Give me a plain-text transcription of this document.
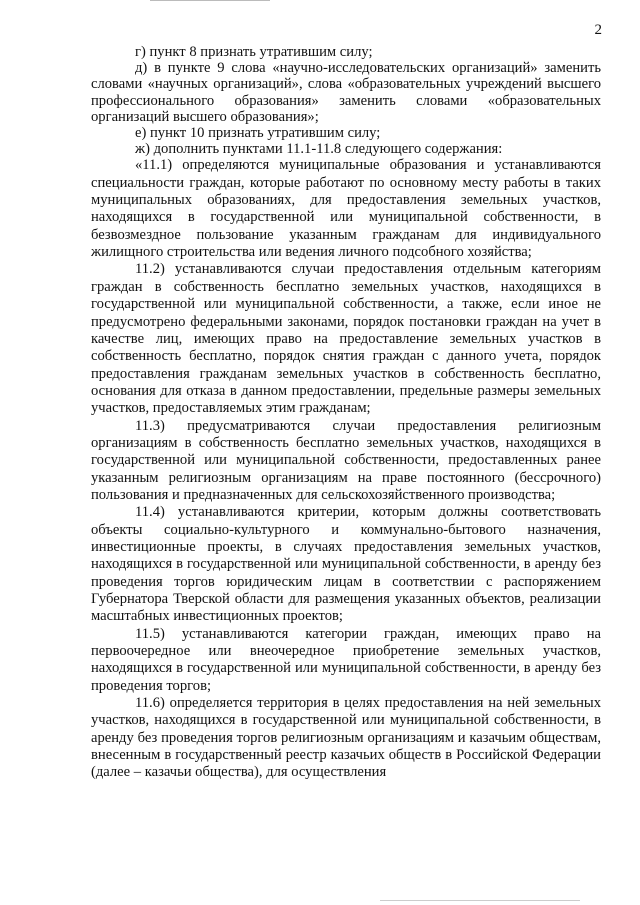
2

г) пункт 8 признать утратившим силу;

д) в пункте 9 слова «научно-исследовательских организаций» заменить словами «научных организаций», слова «образовательных учреждений высшего профессионального образования» заменить словами «образовательных организаций высшего образования»;

е) пункт 10 признать утратившим силу;

ж) дополнить пунктами 11.1-11.8 следующего содержания:

«11.1) определяются муниципальные образования и устанавливаются специальности граждан, которые работают по основному месту работы в таких муниципальных образованиях, для предоставления земельных участков, находящихся в государственной или муниципальной собственности, в безвозмездное пользование указанным гражданам для индивидуального жилищного строительства или ведения личного подсобного хозяйства;

11.2) устанавливаются случаи предоставления отдельным категориям граждан в собственность бесплатно земельных участков, находящихся в государственной или муниципальной собственности, а также, если иное не предусмотрено федеральными законами, порядок постановки граждан на учет в качестве лиц, имеющих право на предоставление земельных участков в собственность бесплатно, порядок снятия граждан с данного учета, порядок предоставления гражданам земельных участков в собственность бесплатно, основания для отказа в данном предоставлении, предельные размеры земельных участков, предоставляемых этим гражданам;

11.3) предусматриваются случаи предоставления религиозным организациям в собственность бесплатно земельных участков, находящихся в государственной или муниципальной собственности, предоставленных ранее указанным религиозным организациям на праве постоянного (бессрочного) пользования и предназначенных для сельскохозяйственного производства;

11.4) устанавливаются критерии, которым должны соответствовать объекты социально-культурного и коммунально-бытового назначения, инвестиционные проекты, в случаях предоставления земельных участков, находящихся в государственной или муниципальной собственности, в аренду без проведения торгов юридическим лицам в соответствии с распоряжением Губернатора Тверской области для размещения указанных объектов, реализации масштабных инвестиционных проектов;

11.5) устанавливаются категории граждан, имеющих право на первоочередное или внеочередное приобретение земельных участков, находящихся в государственной или муниципальной собственности, в аренду без проведения торгов;

11.6) определяется территория в целях предоставления на ней земельных участков, находящихся в государственной или муниципальной собственности, в аренду без проведения торгов религиозным организациям и казачьим обществам, внесенным в государственный реестр казачьих обществ в Российской Федерации (далее – казачьи общества), для осуществления
